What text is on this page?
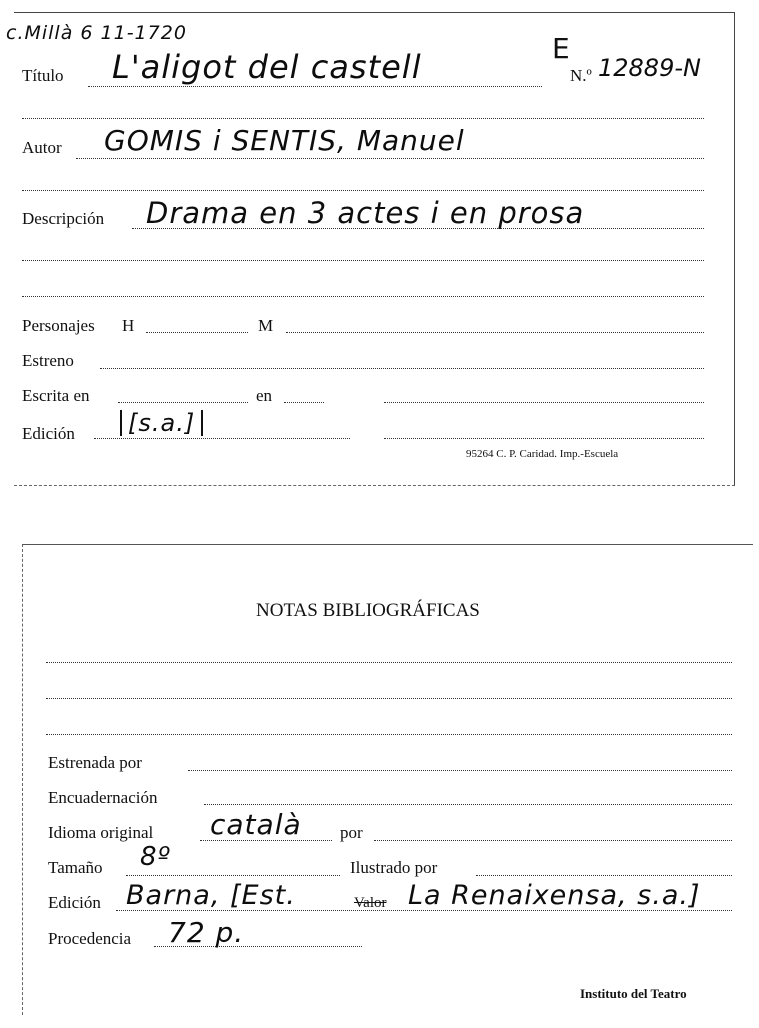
c.Millà 6 11-1720
Título L'aligot del castell	E
N.º 12889-N
Autor GOMIS i SENTIS, Manuel
Descripción Drama en 3 actes i en prosa
Personajes H	M
Estreno
Escrita en	en
Edición	[s.a.]
95264 C. P. Caridad. Imp.-Escuela
NOTAS BIBLIOGRÁFICAS
Estrenada por
Encuadernación
Idioma original català por
Tamaño 8º	Ilustrado por
Edición Barna, [Est.	Valor La Renaixensa, s.a.]
Procedencia 72 p.
Instituto del Teatro
